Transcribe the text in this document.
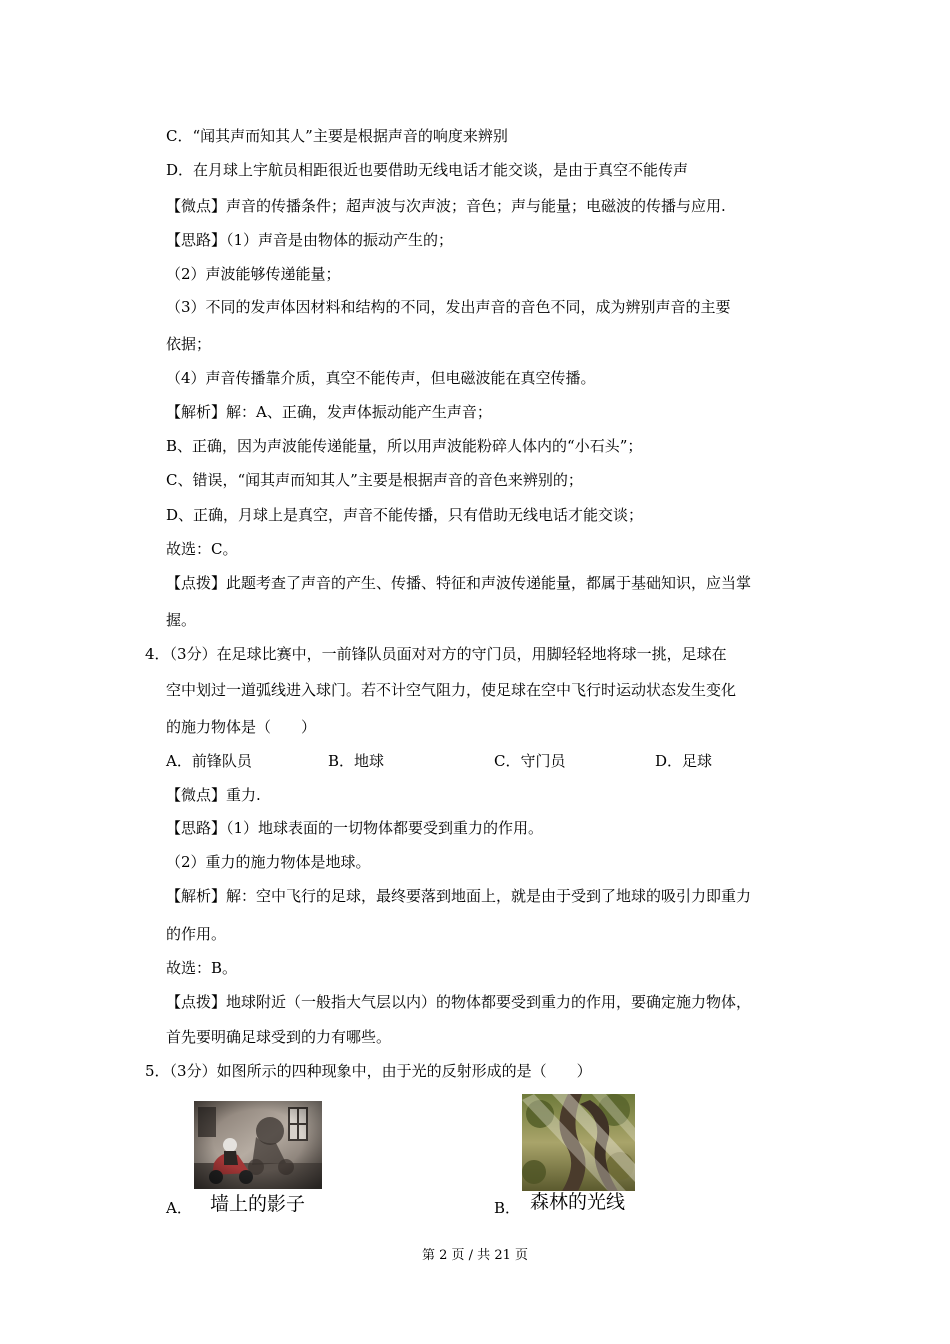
C．“闻其声而知其人”主要是根据声音的响度来辨别
D．在月球上宇航员相距很近也要借助无线电话才能交谈，是由于真空不能传声
【微点】声音的传播条件；超声波与次声波；音色；声与能量；电磁波的传播与应用.
【思路】（1）声音是由物体的振动产生的；
（2）声波能够传递能量；
（3）不同的发声体因材料和结构的不同，发出声音的音色不同，成为辨别声音的主要
依据；
（4）声音传播靠介质，真空不能传声，但电磁波能在真空传播。
【解析】解：A、正确，发声体振动能产生声音；
B、正确，因为声波能传递能量，所以用声波能粉碎人体内的“小石头”；
C、错误，“闻其声而知其人”主要是根据声音的音色来辨别的；
D、正确，月球上是真空，声音不能传播，只有借助无线电话才能交谈；
故选：C。
【点拨】此题考查了声音的产生、传播、特征和声波传递能量，都属于基础知识，应当掌
握。
4．（3分）在足球比赛中，一前锋队员面对对方的守门员，用脚轻轻地将球一挑，足球在
空中划过一道弧线进入球门。若不计空气阻力，使足球在空中飞行时运动状态发生变化
的施力物体是（　　）
A．前锋队员	B．地球	C．守门员	D．足球
【微点】重力.
【思路】（1）地球表面的一切物体都要受到重力的作用。
（2）重力的施力物体是地球。
【解析】解：空中飞行的足球，最终要落到地面上，就是由于受到了地球的吸引力即重力
的作用。
故选：B。
【点拨】地球附近（一般指大气层以内）的物体都要受到重力的作用，要确定施力物体，
首先要明确足球受到的力有哪些。
5．（3分）如图所示的四种现象中，由于光的反射形成的是（　　）
A． 墙上的影子	B． 森林的光线
第 2 页 / 共 21 页
